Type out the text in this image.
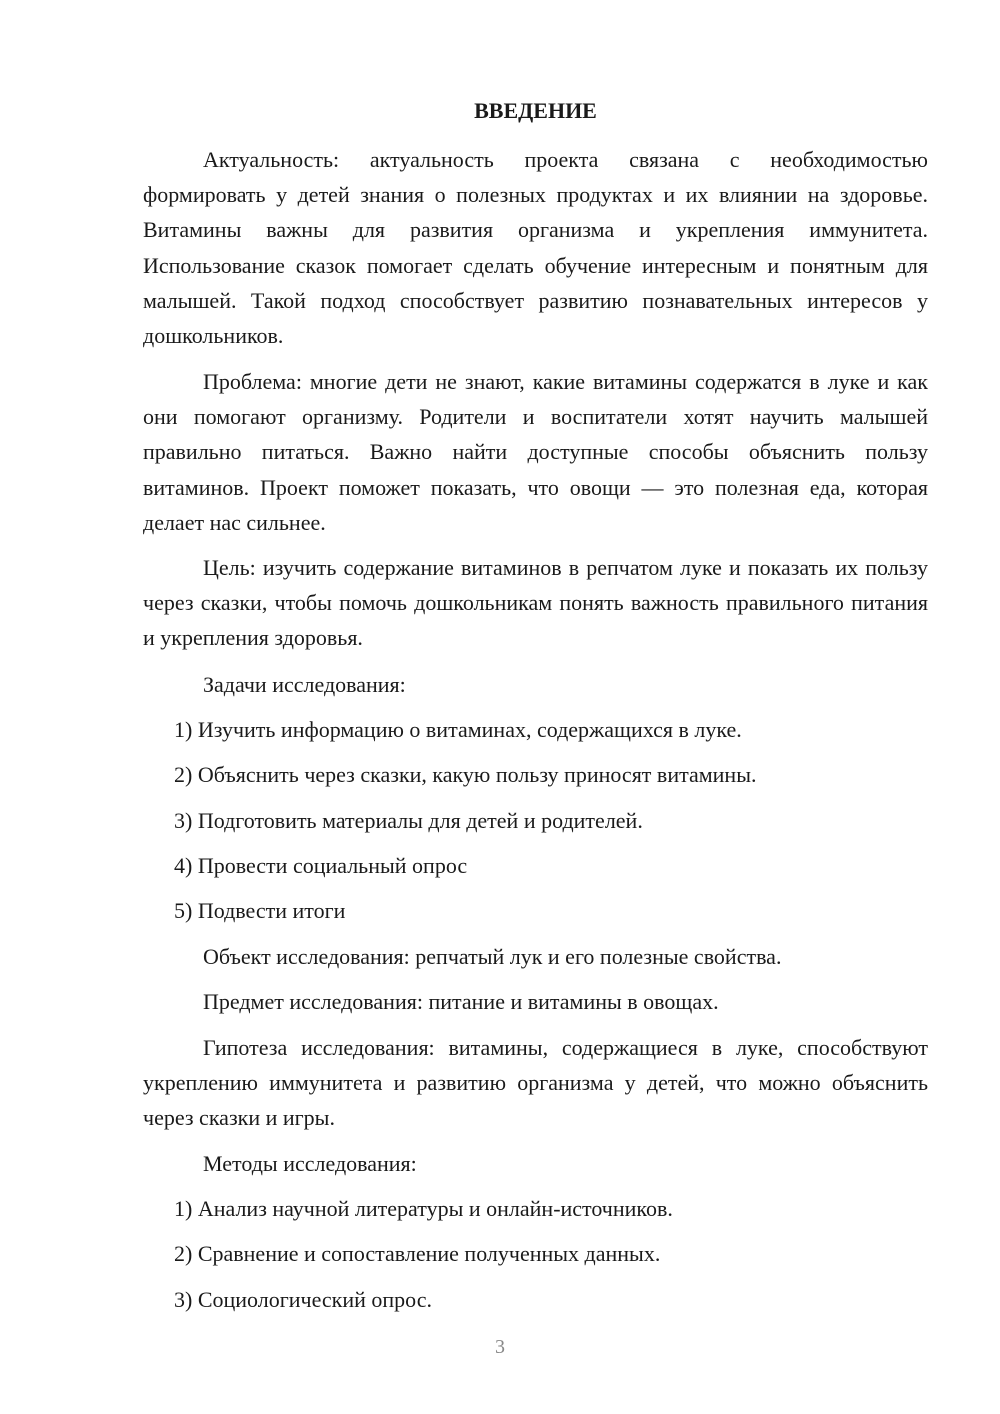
ВВЕДЕНИЕ

Актуальность: актуальность проекта связана с необходимостью формировать у детей знания о полезных продуктах и их влиянии на здоровье. Витамины важны для развития организма и укрепления иммунитета. Использование сказок помогает сделать обучение интересным и понятным для малышей. Такой подход способствует развитию познавательных интересов у дошкольников.

Проблема: многие дети не знают, какие витамины содержатся в луке и как они помогают организму. Родители и воспитатели хотят научить малышей правильно питаться. Важно найти доступные способы объяснить пользу витаминов. Проект поможет показать, что овощи — это полезная еда, которая делает нас сильнее.

Цель: изучить содержание витаминов в репчатом луке и показать их пользу через сказки, чтобы помочь дошкольникам понять важность правильного питания и укрепления здоровья.

Задачи исследования:

1) Изучить информацию о витаминах, содержащихся в луке.

2) Объяснить через сказки, какую пользу приносят витамины.

3) Подготовить материалы для детей и родителей.

4) Провести социальный опрос

5) Подвести итоги

Объект исследования: репчатый лук и его полезные свойства.

Предмет исследования: питание и витамины в овощах.

Гипотеза исследования: витамины, содержащиеся в луке, способствуют укреплению иммунитета и развитию организма у детей, что можно объяснить через сказки и игры.

Методы исследования:

1) Анализ научной литературы и онлайн-источников.

2) Сравнение и сопоставление полученных данных.

3) Социологический опрос.

3
